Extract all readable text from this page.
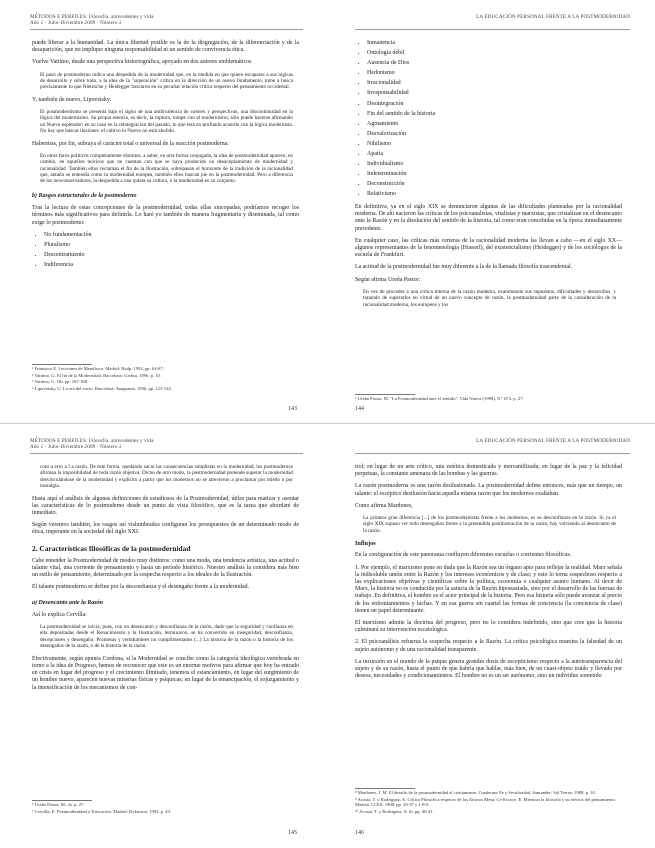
MÉTODOS E PERFILES: Filosofía, antecedentes y vida
Año 1 · Julio-Diciembre 2009 · Número 2

puede liberar a la humanidad. La única libertad posible es la de la disgregación, de la diferenciación y de la desaparición, que no implique ninguna responsabilidad ni un sentido de convivencia ética.

Vuelve Vattimo, desde una perspectiva historiográfica, apoyado en dos autores emblemáticos

El paso de postmoderno indica una despedida de la modernidad que, en la medida en que quiere escaparse a sus lógicas de desarrollo y sobre todo, a la idea de la "superación" crítica en la dirección de un nuevo fundamento, tome a busca precisamente lo que Nietzsche y Heidegger buscaron en su peculiar relación crítica respecto del pensamiento occidental.

Y, también de nuevo, Lipovetsky:

El postmodernismo se presenta bajo el signo de una ambivalencia de valores y perspectivas, una discontinuidad en la lógica del modernismo. Su propia esencia, es decir, la ruptura, rompe con el modernismo; sólo puede hacerse afirmando un Nuevo esplendor; en su caso en la reintegración del pasado, lo que está en profundo acuerdo con la lógica modernista. No hay que buscar ilusiones: el cultivo lo Nuevo no está abolido.

Habermas, por fin, subraya el carácter total o universal de la reacción postmoderna:

En otros foros políticos completamente distintos, a saber, en otra forma conjugada, la idea de postmodernidad aparece, en cambio, en aquellos teóricos que no cuentan con que se haya producido un desacoplamiento de modernidad y racionalidad. También ellos reclaman el fin de la Ilustración, sobrepasan el horizonte de la tradición de la racionalidad que, antaño se entendía como la modernidad europea, también ellos buscan pie en la postmodernidad. Pero a diferencia de los neoconservadores, la despedida a una quieta su cultura, o la modernidad en su conjunto.
b) Rasgos estructurales de la postmoderno

Tras la lectura de estas concepciones de la postmodernidad, todas ellas sincopadas, podríamos recoger los términos más significativos para definirla. Lo haré yo también de manera fragmentaria y diseminada, tal como exige lo postmoderno:

• No fundamentación
• Pluralismo
• Descentramiento
• Indiferencia
¹ Fransisco E. Lecciones de Metafísica. Madrid: Rialp, 1992, pp. 64-67.
² Vattimo, G. El fin de la Modernidad. Barcelona: Gedisa, 1996, p. 10.
³ Vattimo, G. Ob. pp. 167-168.
⁴ Lipovetsky, G. La era del vacío. Barcelona: Anagrama, 1996, pp. 123-124.
143
LA EDUCACIÓN PERSONAL FRENTE A LA POSTMODERNIDAD
• Inmanencia
• Ontología débil
• Ausencia de Dios
• Hedonismo
• Irracionalidad
• Irresponsabilidad
• Desintegración
• Fin del sentido de la historia
• Agotamiento
• Desvalorización
• Nihilismo
• Apatía
• Individualismo
• Indeterminación
• Deconstrucción
• Relativismo

En definitiva, ya en el siglo XIX se denunciaron algunas de las dificultades planteadas por la racionalidad moderna. De ahí nacieron las críticas de los psicoanalistas, vitalistas y marxistas, que cristalizan en el desencanto ante la Razón y en la disolución del sentido de la historia, tal como eran concebidas en la época inmediatamente precedente.

En cualquier caso, las críticas más certeras de la racionalidad moderna las llevan a cabo —en el siglo XX— algunos representantes de la fenomenología (Husserl), del existencialismo (Heidegger) y de los sociólogos de la escuela de Frankfurt.

La actitud de la postmodernidad fue muy diferente a la de la llamada filosofía trascendental.

Según afirma Ureña Pastor:

En vez de proceder a una crítica interna de la razón moderna, examinando sus supuestos, dificultades y desarrollos, y tratando de superarlos en virtud de un nuevo concepto de razón, la postmodernidad parte de la consideración de la racionalidad moderna, los europeos y los
⁵ Ureña Pastor, M. "La Postmodernidad ante el sentido". Vida Nueva (1998), N.º 673, p. 27.
144
MÉTODOS E PERFILES: Filosofía, antecedentes y vida
Año 1 · Julio-Diciembre 2009 · Número 2
cont u erro a l a razón. De este forma, quedando sacar las consecuencias simplistas en la modernidad, los postmodernos afirman la imposibilidad de toda razón objetiva. Dicho de otro modo, la postmodernidad pretende superar la modernidad desvinculándose de la modernidad y explícito a partir que los modernos no se atrevieron a proclamar por miedo o por nostalgia.

Hasta aquí el análisis de algunas definiciones de estudiosos de la Postmodernidad, útiles para matizar y asentar las características de lo postmoderno desde un punto de vista filosófico, que es la tarea que abordaré de inmediato.

Según veremos también, los rasgos así vislumbrados configuran los presupuestos de un determinado modo de ética, imperante en la sociedad del siglo XXI.

2. Características filosóficas de la postmodernidad

Cabe entender la Postmodernidad de modos muy distintos: como una moda, una tendencia artística, una actitud o talante vital, una corriente de pensamiento y hasta un período histórico. Nuestro análisis la considera más bien un estilo de pensamiento, determinado por la sospecha respecto a los ideales de la Ilustración.

El talante postmoderno se define por la desconfianza y el desengaño frente a la modernidad.

a) Desencanto ante la Razón

Así lo explica Cervilla:

La postmodernidad se inicia, pues, con un desencanto y desconfianza de la razón, dado que la seguridad y confianza en ella depositadas desde el Renacimiento y la Ilustración, terminaron, se ha convertido en inseguridad, desconfianza, decepciones y desengaño. Promesas y certidumbres no cumplimentados (...) La historia de la razón o la historia de los desengaños de la razón, o de la historia de la razón.

Efectivamente, según apunta Cordona, si la Modernidad se concibe como la categoría ideológica vertebrada en torno a la idea de Progreso, hemos de reconocer que este es un enorme motivos para afirmar que hoy ha entrado en crisis en lugar del progreso y el crecimiento ilimitado, tenemos el estancamiento, en lugar del surgimiento de un hombre nuevo, aparecen nuevas miserias físicas y psíquicas; en lugar de la emancipación, el sojuzgamiento y la intensificación de los mecanismos de con-

⁶ Ureña Pastor, M., ib. p. 27.
⁷ Cervilla, E. Postmodernidad y Educación. Madrid: Dykinson, 1993, p. 43.
145
LA EDUCACIÓN PERSONAL FRENTE A LA POSTMODERNIDAD

trol; en lugar de un arte crítico, una estética domesticada y mercantilizada; en lugar de la paz y la felicidad perpetuas, la constante amenaza de las bombas y las guerras.

La razón postmoderna es una razón desilusionada. La postmodernidad define entonces, más que un tiempo, un talante: el escéptico desilusión hacia aquella misma razón que los modernos exaltaban.

Como afirma Mardones,

La primera gran diferencia [...] de los postmodernistas frente a los modernos, es su desconfianza en la razón. Si ya el siglo XIX supuso ver todo desengaños frente a la pretendida postilustración de la razón, hay volviendo al desencanto de la razón.
Influjos

En la configuración de este panorama confluyen diferentes escuelas o corrientes filosóficas.

1. Por ejemplo, el marxismo pone en duda que la Razón sea un órgano apto para reflejar la realidad. Marx señala la indisoluble unión entre la Razón y los intereses económicos y de clase; y esto lo torna sospechoso respecto a las explicaciones objetivas y científicas sobre la política, economía o cualquier asunto humano. Al decir de Marx, la historia no es conducida por la astucia de la Razón hipostasiada, sino por el desarrollo de las fuerzas de trabajo. En definitiva, el hombre es el actor principal de la historia. Pero esa historia sólo puede avanzar al precio de los enfrentamientos y luchas. Y en esa guerra sin cuartel las formas de conciencia (la conciencia de clase) tienen un papel determinante.

El marxismo admite la doctrina del progreso, pero no lo considera indefinido, sino que cree que la historia culminará su intervención escatológica.

2. El psicoanálisis refuerza la sospecha respecto a la Razón. La crítica psicológica muestra la falsedad de un sujeto autónomo y de una racionalidad transparente.

La incursión en el mundo de la psique genera grandes dosis de escepticismo respecto a la autotransparencia del sujeto y de su razón, hasta el punto de que habría que hablar, más bien, de un cuasi-objeto traído y llevado por deseos, necesidades y condicionamientos. El hombre no es un ser autónomo, sino un individuo sometido

⁸ Mardones, J. M. El desafío de la postmodernidad al cristianismo. Cuadernos Fe y Secularidad, Santander: Sal Terrae, 1988, p. 10.
⁹ Acosta, T. y Rodríguez, A. Crítica Filosófica respecto de los Atracos Mesa, Ce-Escoce, E. Mientras la filosofía y su efectos del pensamiento. Madrid: CCES, 1998, pp. 29-37 y 1-8-9.
¹⁰ Acosta, T. y Rodríguez, A. ib. pp. 40-41.
146
